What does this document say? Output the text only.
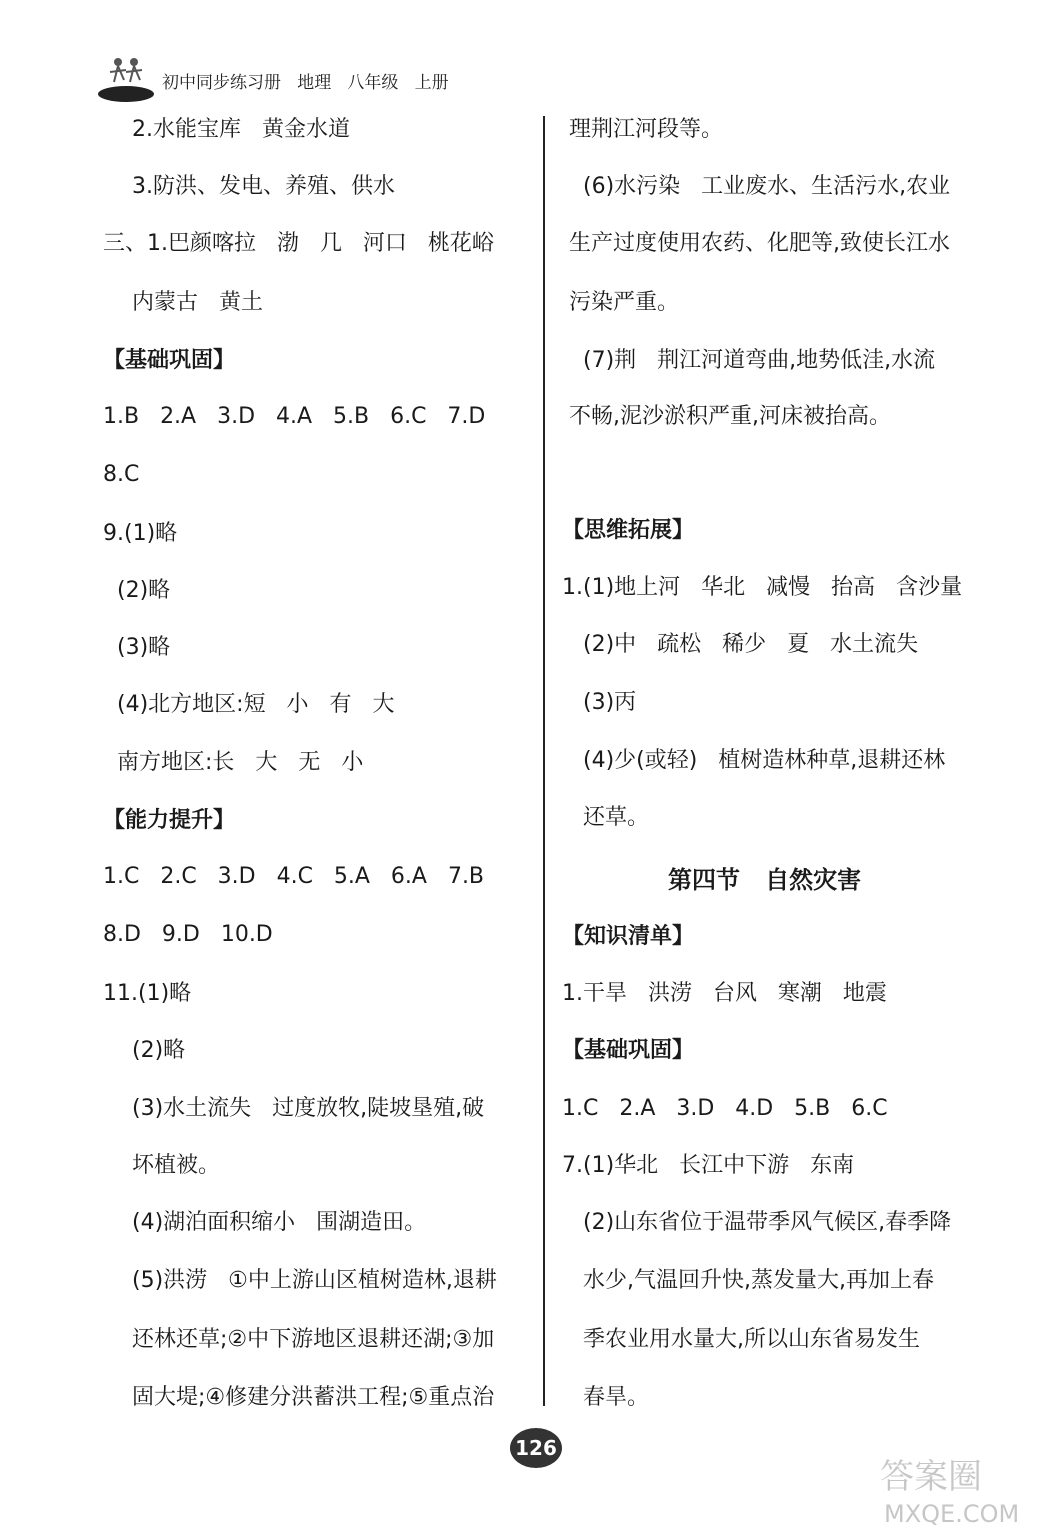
初中同步练习册   地理   八年级   上册
2.水能宝库   黄金水道
3.防洪、发电、养殖、供水
三、1.巴颜喀拉   渤   几   河口   桃花峪
内蒙古   黄土
【基础巩固】
1.B   2.A   3.D   4.A   5.B   6.C   7.D
8.C
9.(1)略
(2)略
(3)略
(4)北方地区:短   小   有   大
南方地区:长   大   无   小
【能力提升】
1.C   2.C   3.D   4.C   5.A   6.A   7.B
8.D   9.D   10.D
11.(1)略
(2)略
(3)水土流失   过度放牧,陡坡垦殖,破
坏植被。
(4)湖泊面积缩小   围湖造田。
(5)洪涝   ①中上游山区植树造林,退耕
还林还草;②中下游地区退耕还湖;③加
固大堤;④修建分洪蓄洪工程;⑤重点治
理荆江河段等。
(6)水污染   工业废水、生活污水,农业
生产过度使用农药、化肥等,致使长江水
污染严重。
(7)荆   荆江河道弯曲,地势低洼,水流
不畅,泥沙淤积严重,河床被抬高。
【思维拓展】
1.(1)地上河   华北   减慢   抬高   含沙量
(2)中   疏松   稀少   夏   水土流失
(3)丙
(4)少(或轻)   植树造林种草,退耕还林
还草。
第四节   自然灾害
【知识清单】
1.干旱   洪涝   台风   寒潮   地震
【基础巩固】
1.C   2.A   3.D   4.D   5.B   6.C
7.(1)华北   长江中下游   东南
(2)山东省位于温带季风气候区,春季降
水少,气温回升快,蒸发量大,再加上春
季农业用水量大,所以山东省易发生
春旱。
126
答案圈
MXQE.COM
